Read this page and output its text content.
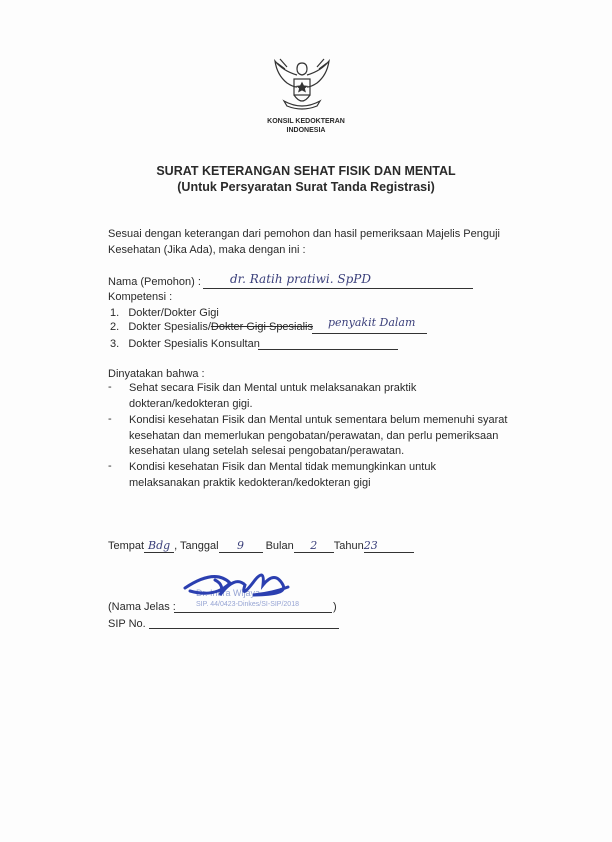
KONSIL KEDOKTERAN
INDONESIA
SURAT KETERANGAN SEHAT FISIK DAN MENTAL
(Untuk Persyaratan Surat Tanda Registrasi)
Sesuai dengan keterangan dari pemohon dan hasil pemeriksaan Majelis Penguji
Kesehatan (Jika Ada), maka dengan ini :
Nama (Pemohon) : dr. Ratih pratiwi. SpPD
Kompetensi :
1. Dokter/Dokter Gigi
2. Dokter Spesialis/Dokter Gigi Spesialis penyakit Dalam
3. Dokter Spesialis Konsultan
Dinyatakan bahwa :
- Sehat secara Fisik dan Mental untuk melaksanakan praktik dokteran/kedokteran gigi.
- Kondisi kesehatan Fisik dan Mental untuk sementara belum memenuhi syarat kesehatan dan memerlukan pengobatan/perawatan, dan perlu pemeriksaan kesehatan ulang setelah selesai pengobatan/perawatan.
- Kondisi kesehatan Fisik dan Mental tidak memungkinkan untuk melaksanakan praktik kedokteran/kedokteran gigi
Tempat Bdg , Tanggal 9 Bulan 2 Tahun23
Dr. Indra Wijaya
SIP. 44/0423-Dinkes/SI-SIP/2018
(Nama Jelas :	)
SIP No.
